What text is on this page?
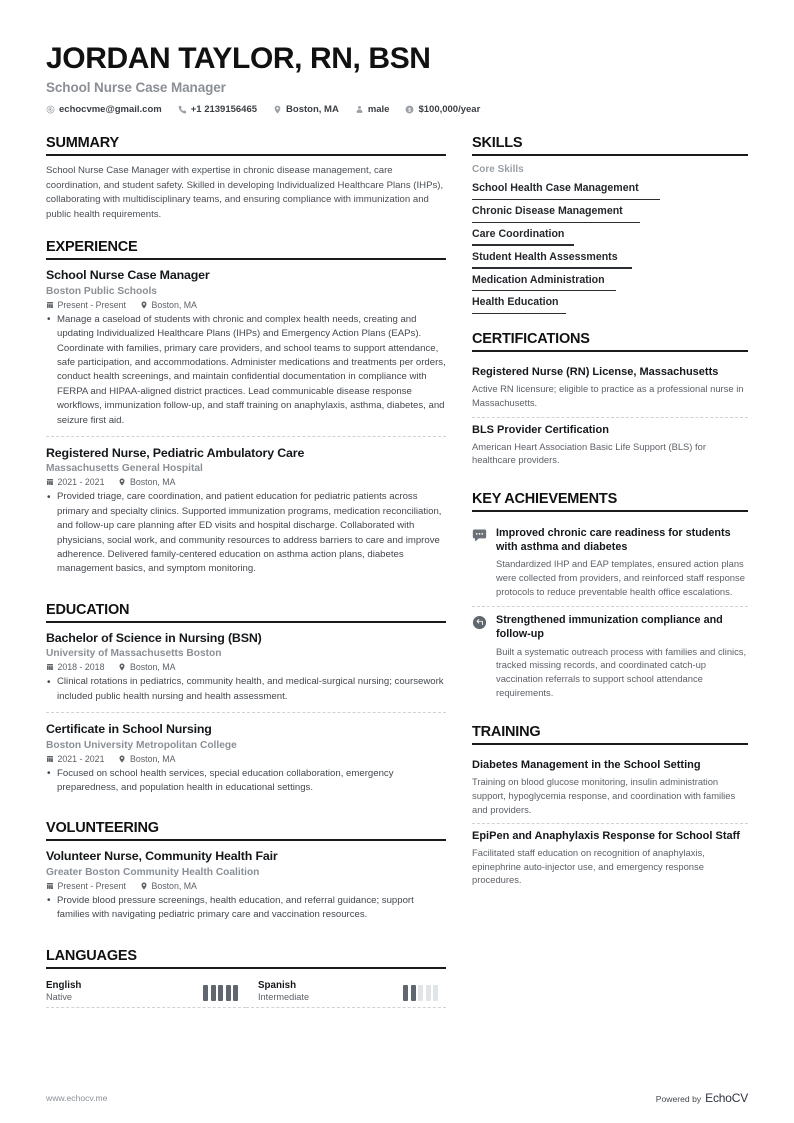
JORDAN TAYLOR, RN, BSN
School Nurse Case Manager
echocvme@gmail.com	+1 2139156465	Boston, MA	male	$100,000/year
SUMMARY
School Nurse Case Manager with expertise in chronic disease management, care coordination, and student safety. Skilled in developing Individualized Healthcare Plans (IHPs), collaborating with multidisciplinary teams, and ensuring compliance with immunization and public health requirements.
EXPERIENCE
School Nurse Case Manager
Boston Public Schools
Present - Present	Boston, MA
• Manage a caseload of students with chronic and complex health needs, creating and updating Individualized Healthcare Plans (IHPs) and Emergency Action Plans (EAPs). Coordinate with families, primary care providers, and school teams to support attendance, safe participation, and accommodations. Administer medications and treatments per orders, conduct health screenings, and maintain confidential documentation in compliance with FERPA and HIPAA-aligned district practices. Lead communicable disease response workflows, immunization follow-up, and staff training on anaphylaxis, asthma, diabetes, and seizure first aid.
Registered Nurse, Pediatric Ambulatory Care
Massachusetts General Hospital
2021 - 2021	Boston, MA
• Provided triage, care coordination, and patient education for pediatric patients across primary and specialty clinics. Supported immunization programs, medication reconciliation, and follow-up care planning after ED visits and hospital discharge. Collaborated with physicians, social work, and community resources to address barriers to care and improve adherence. Delivered family-centered education on asthma action plans, diabetes management basics, and symptom monitoring.
EDUCATION
Bachelor of Science in Nursing (BSN)
University of Massachusetts Boston
2018 - 2018	Boston, MA
• Clinical rotations in pediatrics, community health, and medical-surgical nursing; coursework included public health nursing and health assessment.
Certificate in School Nursing
Boston University Metropolitan College
2021 - 2021	Boston, MA
• Focused on school health services, special education collaboration, emergency preparedness, and population health in educational settings.
VOLUNTEERING
Volunteer Nurse, Community Health Fair
Greater Boston Community Health Coalition
Present - Present	Boston, MA
• Provide blood pressure screenings, health education, and referral guidance; support families with navigating pediatric primary care and vaccination resources.
LANGUAGES
English
Native
Spanish
Intermediate
SKILLS
Core Skills
School Health Case Management
Chronic Disease Management
Care Coordination
Student Health Assessments
Medication Administration
Health Education
CERTIFICATIONS
Registered Nurse (RN) License, Massachusetts
Active RN licensure; eligible to practice as a professional nurse in Massachusetts.
BLS Provider Certification
American Heart Association Basic Life Support (BLS) for healthcare providers.
KEY ACHIEVEMENTS
Improved chronic care readiness for students with asthma and diabetes
Standardized IHP and EAP templates, ensured action plans were collected from providers, and reinforced staff response protocols to reduce preventable health office escalations.
Strengthened immunization compliance and follow-up
Built a systematic outreach process with families and clinics, tracked missing records, and coordinated catch-up vaccination referrals to support school attendance requirements.
TRAINING
Diabetes Management in the School Setting
Training on blood glucose monitoring, insulin administration support, hypoglycemia response, and coordination with families and providers.
EpiPen and Anaphylaxis Response for School Staff
Facilitated staff education on recognition of anaphylaxis, epinephrine auto-injector use, and emergency response procedures.
www.echocv.me	Powered by EchoCV
